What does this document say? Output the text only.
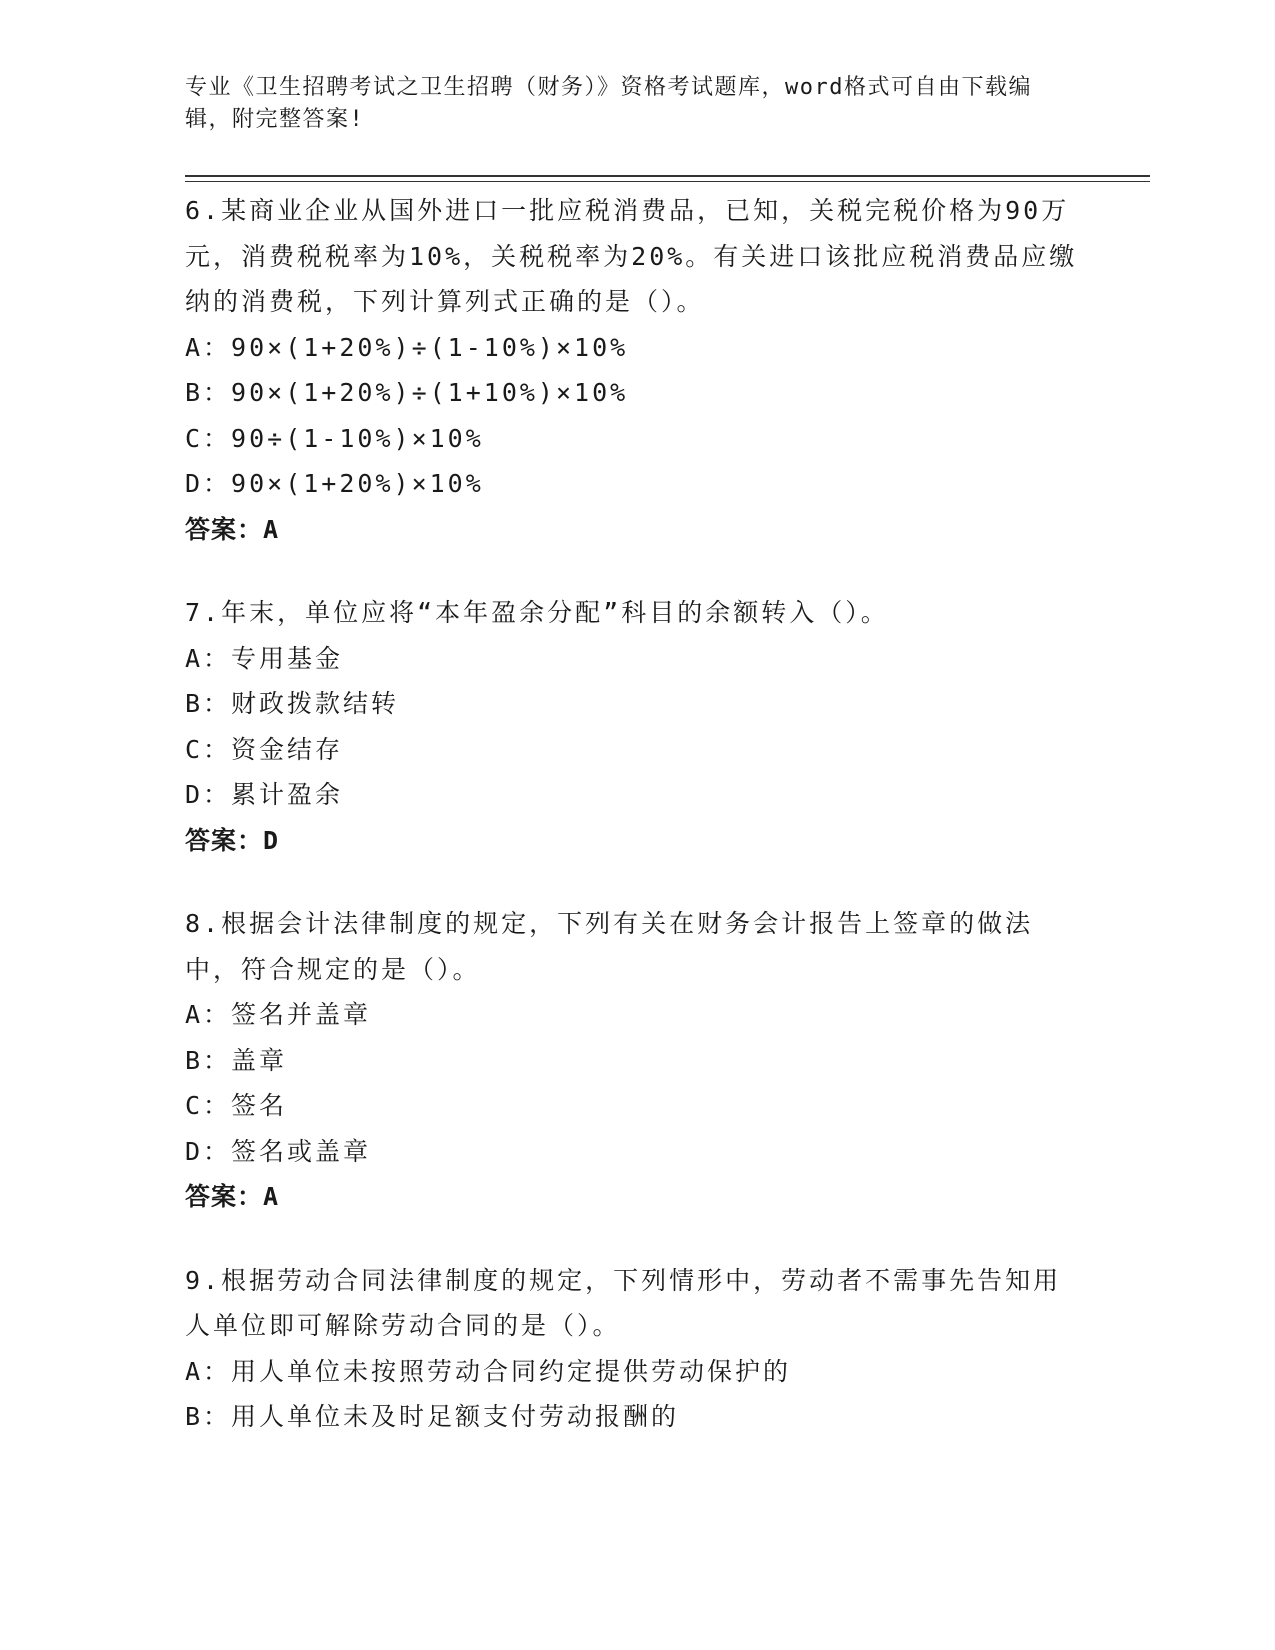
专业《卫生招聘考试之卫生招聘（财务）》资格考试题库，word格式可自由下载编辑，附完整答案!
6.某商业企业从国外进口一批应税消费品，已知，关税完税价格为90万元，消费税税率为10%，关税税率为20%。有关进口该批应税消费品应缴纳的消费税，下列计算列式正确的是（）。
A：90×(1+20%)÷(1-10%)×10%
B：90×(1+20%)÷(1+10%)×10%
C：90÷(1-10%)×10%
D：90×(1+20%)×10%
答案：A
7.年末，单位应将“本年盈余分配”科目的余额转入（）。
A：专用基金
B：财政拨款结转
C：资金结存
D：累计盈余
答案：D
8.根据会计法律制度的规定，下列有关在财务会计报告上签章的做法中，符合规定的是（）。
A：签名并盖章
B：盖章
C：签名
D：签名或盖章
答案：A
9.根据劳动合同法律制度的规定，下列情形中，劳动者不需事先告知用人单位即可解除劳动合同的是（）。
A：用人单位未按照劳动合同约定提供劳动保护的
B：用人单位未及时足额支付劳动报酬的
